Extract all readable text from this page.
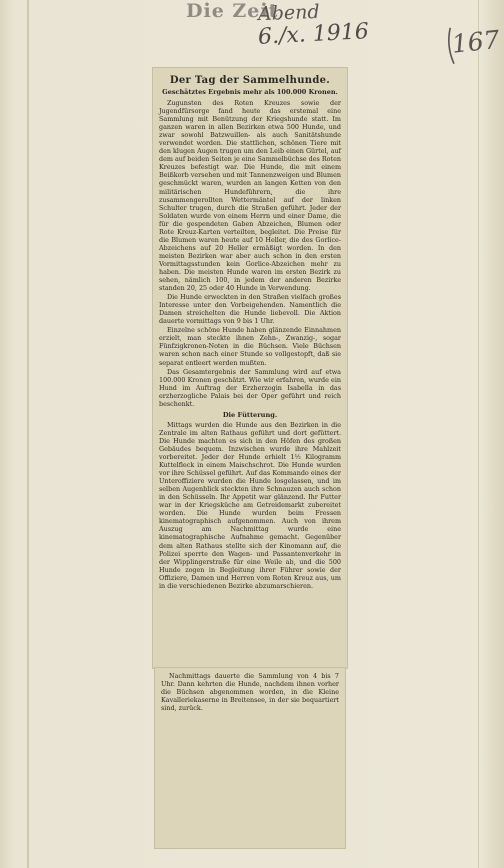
Die Zeit
Abend
6./x. 1916	167
Der Tag der Sammelhunde.
Geschätztes Ergebnis mehr als 100.000 Kronen.

Zugunsten des Roten Kreuzes sowie der Jugendfürsorge fand heute das erstemal eine Sammlung mit Benützung der Kriegshunde statt. Im ganzen waren in allen Bezirken etwa 500 Hunde, und zwar sowohl Batzwuillen- als auch Sanitätshunde verwendet worden. Die stattlichen, schönen Tiere mit den klugen Augen trugen um den Leib einen Gürtel, auf dem auf beiden Seiten je eine Sammelbüchse des Roten Kreuzes befestigt war. Die Hunde, die mit einem Beißkorb versehen und mit Tannenzweigen und Blumen geschmückt waren, wurden an langen Ketten von den militärischen Hundeführern, die ihre zusammengerollten Wettermäntel auf der linken Schulter trugen, durch die Straßen geführt. Jeder der Soldaten wurde von einem Herrn und einer Dame, die für die gespendeten Gaben Abzeichen, Blumen oder Rote Kreuz-Karten verteilten, begleitet. Die Preise für die Blumen waren heute auf 10 Heller, die des Gorlice-Abzeichens auf 20 Heller ermäßigt worden. In den meisten Bezirken war aber auch schon in den ersten Vormittagsstunden kein Gorlice-Abzeichen mehr zu haben. Die meisten Hunde waren im ersten Bezirk zu sehen, nämlich 100, in jedem der anderen Bezirke standen 20, 25 oder 40 Hunde in Verwendung.

Die Hunde erweckten in den Straßen vielfach großes Interesse unter den Vorbeigehenden. Namentlich die Damen streichelten die Hunde liebevoll. Die Aktion dauerte vormittags von 9 bis 1 Uhr.

Einzelne schöne Hunde haben glänzende Einnahmen erzielt, man steckte ihnen Zehn-, Zwanzig-, sogar Fünfzigkronen-Noten in die Büchsen. Viele Büchsen waren schon nach einer Stunde so vollgestopft, daß sie separat entleert werden mußten.

Das Gesamtergebnis der Sammlung wird auf etwa 100.000 Kronen geschätzt. Wie wir erfahren, wurde ein Hund im Auftrag der Erzherzogin Isabella in das erzherzogliche Palais bei der Oper geführt und reich beschenkt.

Die Fütterung.

Mittags wurden die Hunde aus den Bezirken in die Zentrale im alten Rathaus geführt und dort gefüttert. Die Hunde machten es sich in den Höfen des großen Gebäudes bequem. Inzwischen wurde ihre Mahlzeit vorbereitet. Jeder der Hunde erhielt 1½ Kilogramm Kuttelfleck in einem Maischschrot. Die Hunde wurden vor ihre Schüssel geführt. Auf das Kommando eines der Unteroffiziere wurden die Hunde losgelassen, und im selben Augenblick steckten ihre Schnauzen auch schon in den Schüsseln. Ihr Appetit war glänzend. Ihr Futter war in der Kriegsküche am Getreidemarkt zubereitet worden. Die Hunde wurden beim Fressen kinematographisch aufgenommen. Auch von ihrem Auszug am Nachmittag wurde eine kinematographische Aufnahme gemacht. Gegenüber dem alten Rathaus stellte sich der Kinomann auf, die Polizei sperrte den Wagen- und Passantenverkehr in der Wipplingerstraße für eine Weile ab, und die 500 Hunde zogen in Begleitung ihrer Führer sowie der Offiziere, Damen und Herren vom Roten Kreuz aus, um in die verschiedenen Bezirke abzumarschieren.

Nachmittags dauerte die Sammlung von 4 bis 7 Uhr. Dann kehrten die Hunde, nachdem ihnen vorher die Büchsen abgenommen worden, in die Kleine Kavalleriekaserne in Breitensee, in der sie bequartiert sind, zurück.
